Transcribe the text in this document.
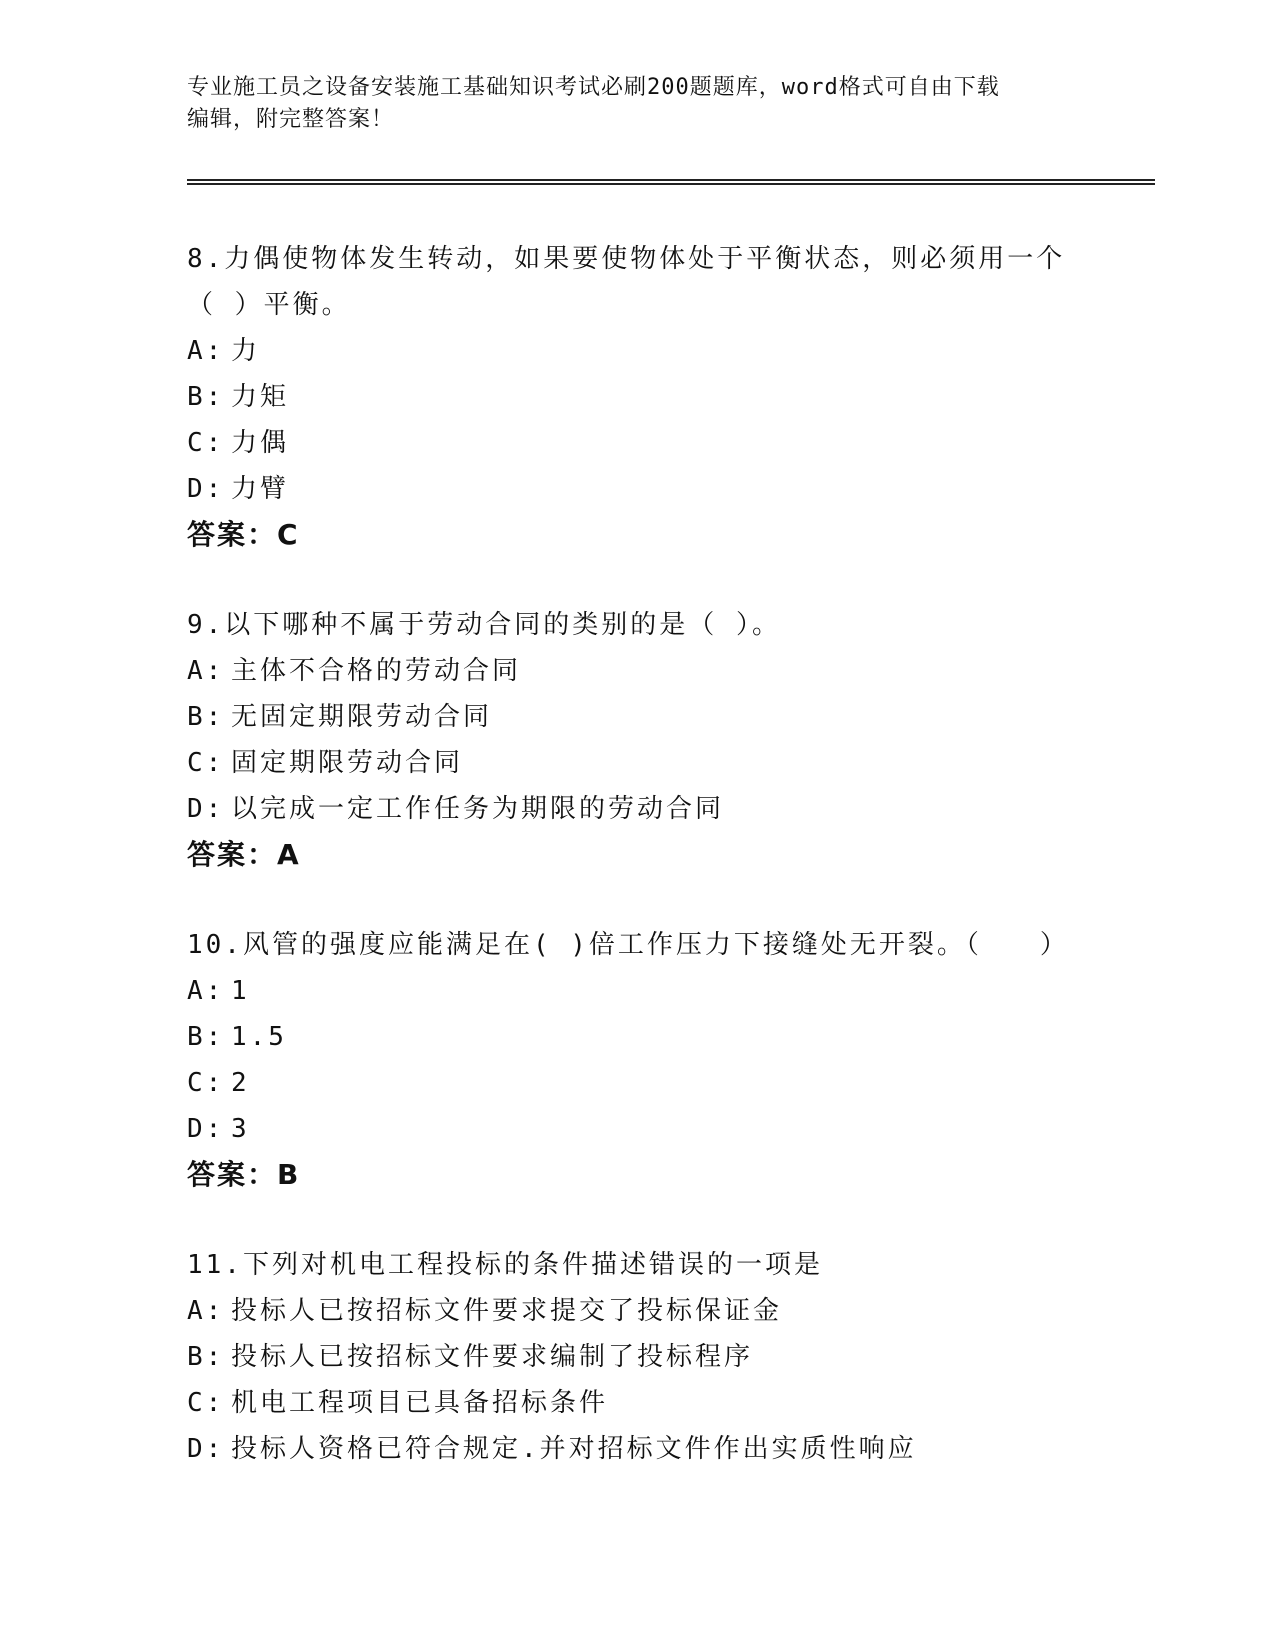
专业施工员之设备安装施工基础知识考试必刷200题题库，word格式可自由下载
编辑，附完整答案！
8.力偶使物体发生转动，如果要使物体处于平衡状态，则必须用一个
（ ）平衡。
A: 力
B: 力矩
C: 力偶
D: 力臂
答案：C
9.以下哪种不属于劳动合同的类别的是（ ）。
A: 主体不合格的劳动合同
B: 无固定期限劳动合同
C: 固定期限劳动合同
D: 以完成一定工作任务为期限的劳动合同
答案：A
10.风管的强度应能满足在( )倍工作压力下接缝处无开裂。（　　）
A: 1
B: 1.5
C: 2
D: 3
答案：B
11.下列对机电工程投标的条件描述错误的一项是
A: 投标人已按招标文件要求提交了投标保证金
B: 投标人已按招标文件要求编制了投标程序
C: 机电工程项目已具备招标条件
D: 投标人资格已符合规定.并对招标文件作出实质性响应
